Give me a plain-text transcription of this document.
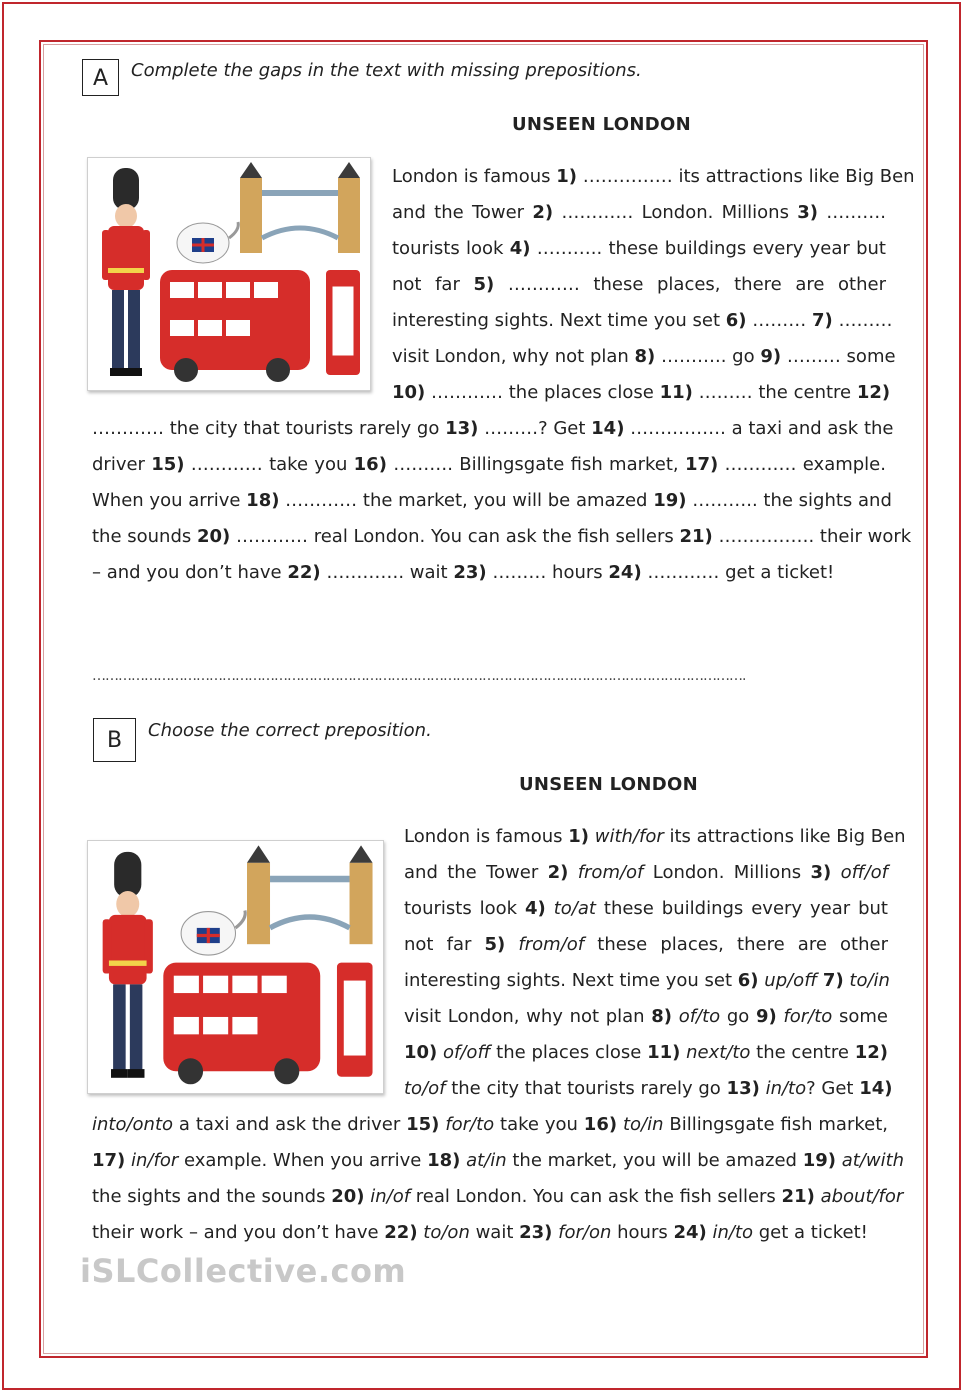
A	Complete the gaps in the text with missing prepositions.
UNSEEN LONDON
London is famous 1) …………… its attractions like Big Ben
and the Tower 2) ………… London. Millions 3) ……….
tourists look 4) ……….. these buildings every year but
not far 5) ………… these places, there are other
interesting sights. Next time you set 6) ……… 7) ………
visit London, why not plan 8) ……….. go 9) ……… some
10) ………… the places close 11) ……… the centre 12)
………… the city that tourists rarely go 13) ………? Get 14) ……………. a taxi and ask the
driver 15) ………… take you 16) ………. Billingsgate fish market, 17) ………… example.
When you arrive 18) ………… the market, you will be amazed 19) ……….. the sights and
the sounds 20) ………… real London. You can ask the fish sellers 21) ……………. their work
– and you don’t have 22) …………. wait 23) ……… hours 24) ………… get a ticket!
…………………………………………………………………………………………………………………………………….
B	Choose the correct preposition.
UNSEEN LONDON
London is famous 1) with/for its attractions like Big Ben
and the Tower 2) from/of London. Millions 3) off/of
tourists look 4) to/at these buildings every year but
not far 5) from/of these places, there are other
interesting sights. Next time you set 6) up/off 7) to/in
visit London, why not plan 8) of/to go 9) for/to some
10) of/off the places close 11) next/to the centre 12)
to/of the city that tourists rarely go 13) in/to? Get 14)
into/onto a taxi and ask the driver 15) for/to take you 16) to/in Billingsgate fish market,
17) in/for example. When you arrive 18) at/in the market, you will be amazed 19) at/with
the sights and the sounds 20) in/of real London. You can ask the fish sellers 21) about/for
their work – and you don’t have 22) to/on wait 23) for/on hours 24) in/to get a ticket!
iSLCollective.com
